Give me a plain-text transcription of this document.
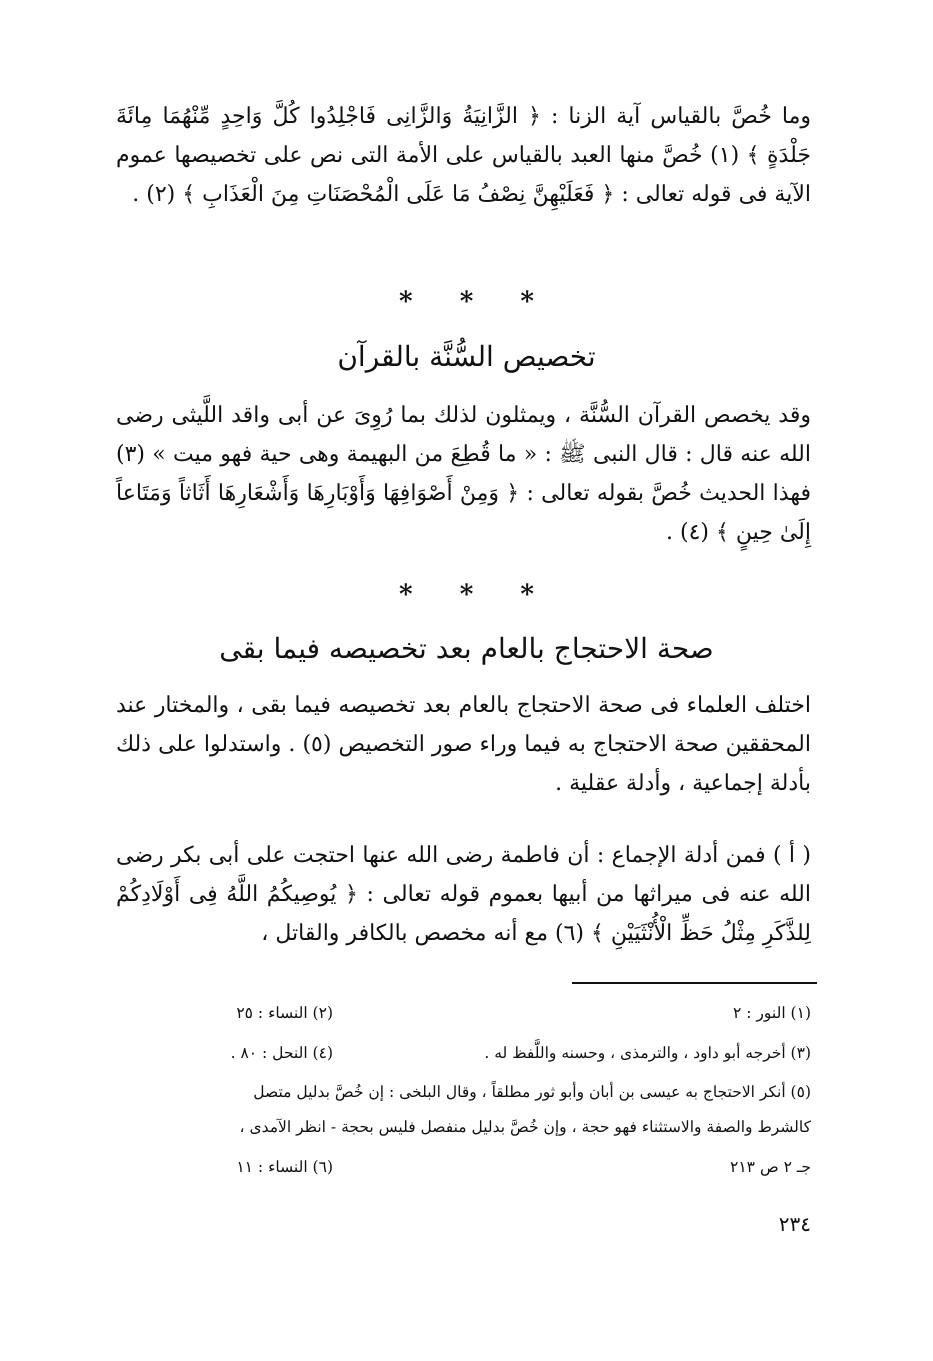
وما خُصَّ بالقياس آية الزنا : ﴿ الزَّانِيَةُ وَالزَّانِى فَاجْلِدُوا كُلَّ وَاحِدٍ مِّنْهُمَا مِائَةَ جَلْدَةٍ ﴾ (١) خُصَّ منها العبد بالقياس على الأمة التى نص على تخصيصها عموم الآية فى قوله تعالى : ﴿ فَعَلَيْهِنَّ نِصْفُ مَا عَلَى الْمُحْصَنَاتِ مِنَ الْعَذَابِ ﴾ (٢) .

* * *

تخصيص السُّنَّة بالقرآن

وقد يخصص القرآن السُّنَّة ، ويمثلون لذلك بما رُوِىَ عن أبى واقد اللَّيثى رضى الله عنه قال : قال النبى ﷺ : « ما قُطِعَ من البهيمة وهى حية فهو ميت » (٣) فهذا الحديث خُصَّ بقوله تعالى : ﴿ وَمِنْ أَصْوَافِهَا وَأَوْبَارِهَا وَأَشْعَارِهَا أَثَاثاً وَمَتَاعاً إِلَىٰ حِينٍ ﴾ (٤) .

* * *

صحة الاحتجاج بالعام بعد تخصيصه فيما بقى

اختلف العلماء فى صحة الاحتجاج بالعام بعد تخصيصه فيما بقى ، والمختار عند المحققين صحة الاحتجاج به فيما وراء صور التخصيص (٥) . واستدلوا على ذلك بأدلة إجماعية ، وأدلة عقلية .

( أ ) فمن أدلة الإجماع : أن فاطمة رضى الله عنها احتجت على أبى بكر رضى الله عنه فى ميراثها من أبيها بعموم قوله تعالى : ﴿ يُوصِيكُمُ اللَّهُ فِى أَوْلَادِكُمْ لِلذَّكَرِ مِثْلُ حَظِّ الْأُنْثَيَيْنِ ﴾ (٦) مع أنه مخصص بالكافر والقاتل ،

(١) النور : ٢
(٢) النساء : ٢٥
(٣) أخرجه أبو داود ، والترمذى ، وحسنه واللَّفظ له .
(٤) النحل : ٨٠ .

(٥) أنكر الاحتجاج به عيسى بن أبان وأبو ثور مطلقاً ، وقال البلخى : إن خُصَّ بدليل متصل

كالشرط والصفة والاستثناء فهو حجة ، وإن خُصَّ بدليل منفصل فليس بحجة - انظر الآمدى ،

جـ ٢ ص ٢١٣
(٦) النساء : ١١

٢٣٤
